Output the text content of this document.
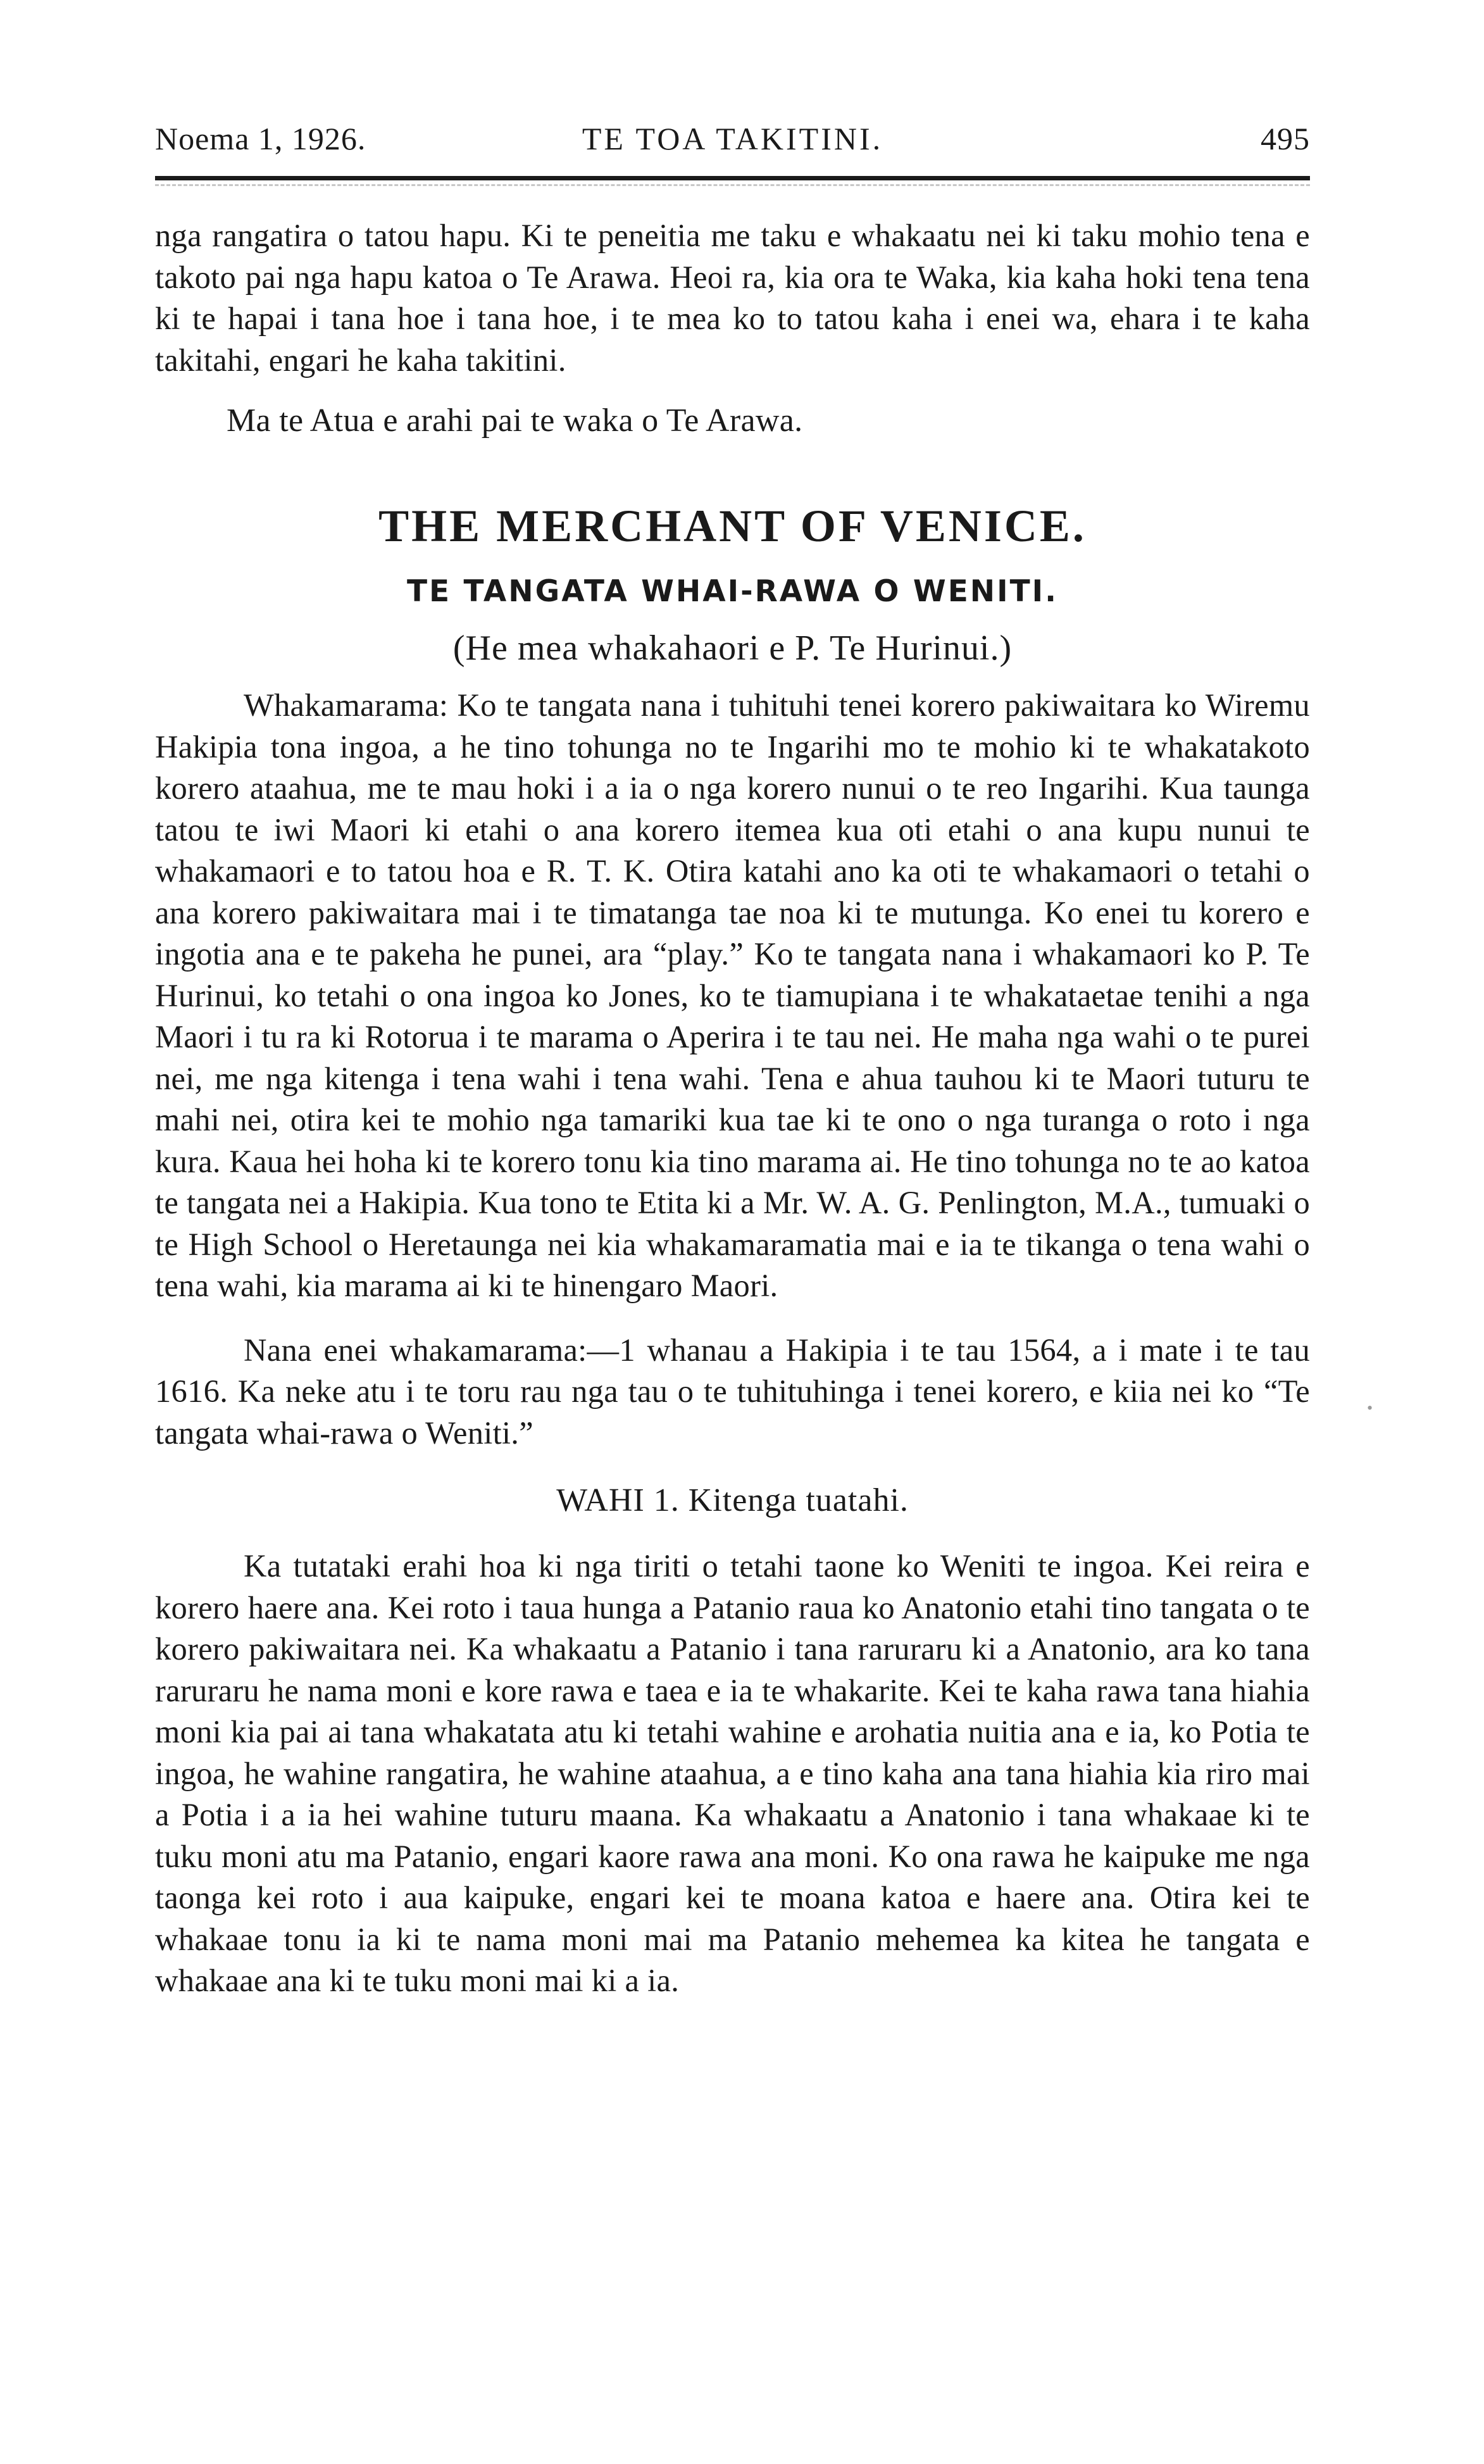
Noema 1, 1926.	TE TOA TAKITINI.	495

nga rangatira o tatou hapu. Ki te peneitia me taku e whakaatu nei ki taku mohio tena e takoto pai nga hapu katoa o Te Arawa. Heoi ra, kia ora te Waka, kia kaha hoki tena tena ki te hapai i tana hoe i tana hoe, i te mea ko to tatou kaha i enei wa, ehara i te kaha takitahi, engari he kaha takitini.

Ma te Atua e arahi pai te waka o Te Arawa.

THE MERCHANT OF VENICE.
TE TANGATA WHAI-RAWA O WENITI.
(He mea whakahaori e P. Te Hurinui.)

Whakamarama: Ko te tangata nana i tuhituhi tenei korero pakiwaitara ko Wiremu Hakipia tona ingoa, a he tino tohunga no te Ingarihi mo te mohio ki te whakatakoto korero ataahua, me te mau hoki i a ia o nga korero nunui o te reo Ingarihi. Kua taunga tatou te iwi Maori ki etahi o ana korero itemea kua oti etahi o ana kupu nunui te whakamaori e to tatou hoa e R. T. K. Otira katahi ano ka oti te whakamaori o tetahi o ana korero pakiwaitara mai i te timatanga tae noa ki te mutunga. Ko enei tu korero e ingotia ana e te pakeha he punei, ara “play.” Ko te tangata nana i whakamaori ko P. Te Hurinui, ko tetahi o ona ingoa ko Jones, ko te tiamupiana i te whakataetae tenihi a nga Maori i tu ra ki Rotorua i te marama o Aperira i te tau nei. He maha nga wahi o te purei nei, me nga kitenga i tena wahi i tena wahi. Tena e ahua tauhou ki te Maori tuturu te mahi nei, otira kei te mohio nga tamariki kua tae ki te ono o nga turanga o roto i nga kura. Kaua hei hoha ki te korero tonu kia tino marama ai. He tino tohunga no te ao katoa te tangata nei a Hakipia. Kua tono te Etita ki a Mr. W. A. G. Penlington, M.A., tumuaki o te High School o Heretaunga nei kia whakamaramatia mai e ia te tikanga o tena wahi o tena wahi, kia marama ai ki te hinengaro Maori.

Nana enei whakamarama:—1 whanau a Hakipia i te tau 1564, a i mate i te tau 1616. Ka neke atu i te toru rau nga tau o te tuhituhinga i tenei korero, e kiia nei ko “Te tangata whai-rawa o Weniti.”

WAHI 1. Kitenga tuatahi.

Ka tutataki erahi hoa ki nga tiriti o tetahi taone ko Weniti te ingoa. Kei reira e korero haere ana. Kei roto i taua hunga a Patanio raua ko Anatonio etahi tino tangata o te korero pakiwaitara nei. Ka whakaatu a Patanio i tana raruraru ki a Anatonio, ara ko tana raruraru he nama moni e kore rawa e taea e ia te whakarite. Kei te kaha rawa tana hiahia moni kia pai ai tana whakatata atu ki tetahi wahine e arohatia nuitia ana e ia, ko Potia te ingoa, he wahine rangatira, he wahine ataahua, a e tino kaha ana tana hiahia kia riro mai a Potia i a ia hei wahine tuturu maana. Ka whakaatu a Anatonio i tana whakaae ki te tuku moni atu ma Patanio, engari kaore rawa ana moni. Ko ona rawa he kaipuke me nga taonga kei roto i aua kaipuke, engari kei te moana katoa e haere ana. Otira kei te whakaae tonu ia ki te nama moni mai ma Patanio mehemea ka kitea he tangata e whakaae ana ki te tuku moni mai ki a ia.

•
